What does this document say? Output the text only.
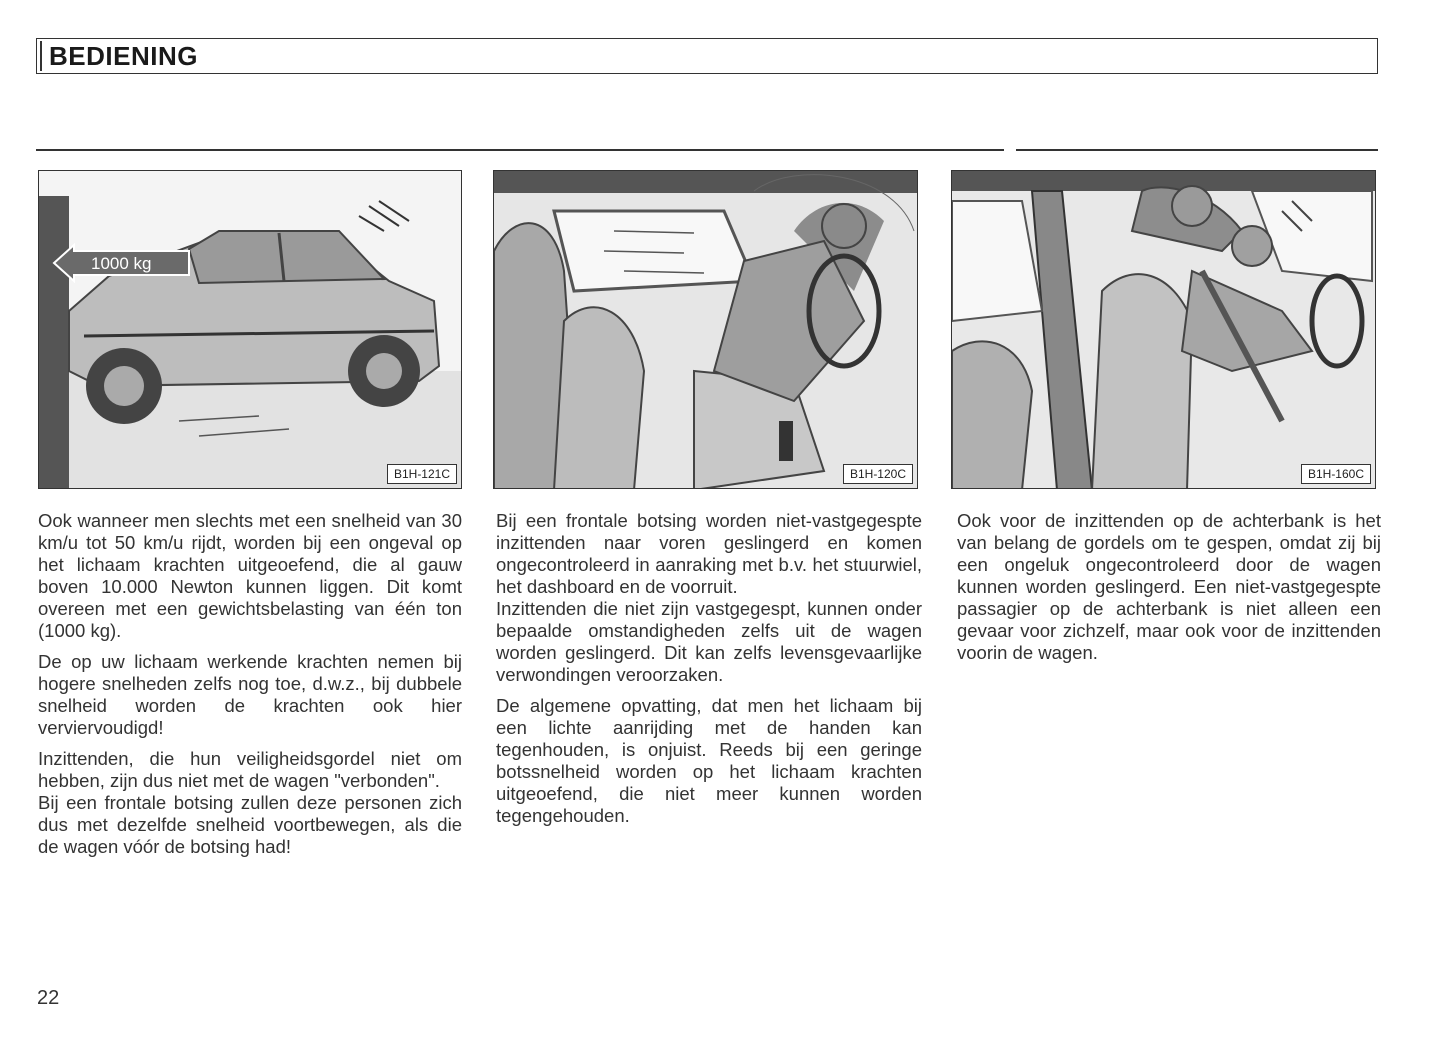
BEDIENING
1000 kg
B1H-121C	B1H-120C	B1H-160C

Ook wanneer men slechts met een snelheid van 30 km/u tot 50 km/u rijdt, worden bij een ongeval op het lichaam krachten uitgeoefend, die al gauw boven 10.000 Newton kunnen liggen. Dit komt overeen met een gewichtsbelasting van één ton (1000 kg).

De op uw lichaam werkende krachten nemen bij hogere snelheden zelfs nog toe, d.w.z., bij dubbele snelheid worden de krachten ook hier verviervoudigd!

Inzittenden, die hun veiligheidsgordel niet om hebben, zijn dus niet met de wagen "verbonden".

Bij een frontale botsing zullen deze personen zich dus met dezelfde snelheid voortbewegen, als die de wagen vóór de botsing had!

Bij een frontale botsing worden niet-vastgegespte inzittenden naar voren geslingerd en komen ongecontroleerd in aanraking met b.v. het stuurwiel, het dashboard en de voorruit.

Inzittenden die niet zijn vastgegespt, kunnen onder bepaalde omstandigheden zelfs uit de wagen worden geslingerd. Dit kan zelfs levensgevaarlijke verwondingen veroorzaken.

De algemene opvatting, dat men het lichaam bij een lichte aanrijding met de handen kan tegenhouden, is onjuist. Reeds bij een geringe botssnelheid worden op het lichaam krachten uitgeoefend, die niet meer kunnen worden tegengehouden.

Ook voor de inzittenden op de achterbank is het van belang de gordels om te gespen, omdat zij bij een ongeluk ongecontroleerd door de wagen kunnen worden geslingerd. Een niet-vastgegespte passagier op de achterbank is niet alleen een gevaar voor zichzelf, maar ook voor de inzittenden voorin de wagen.

22
